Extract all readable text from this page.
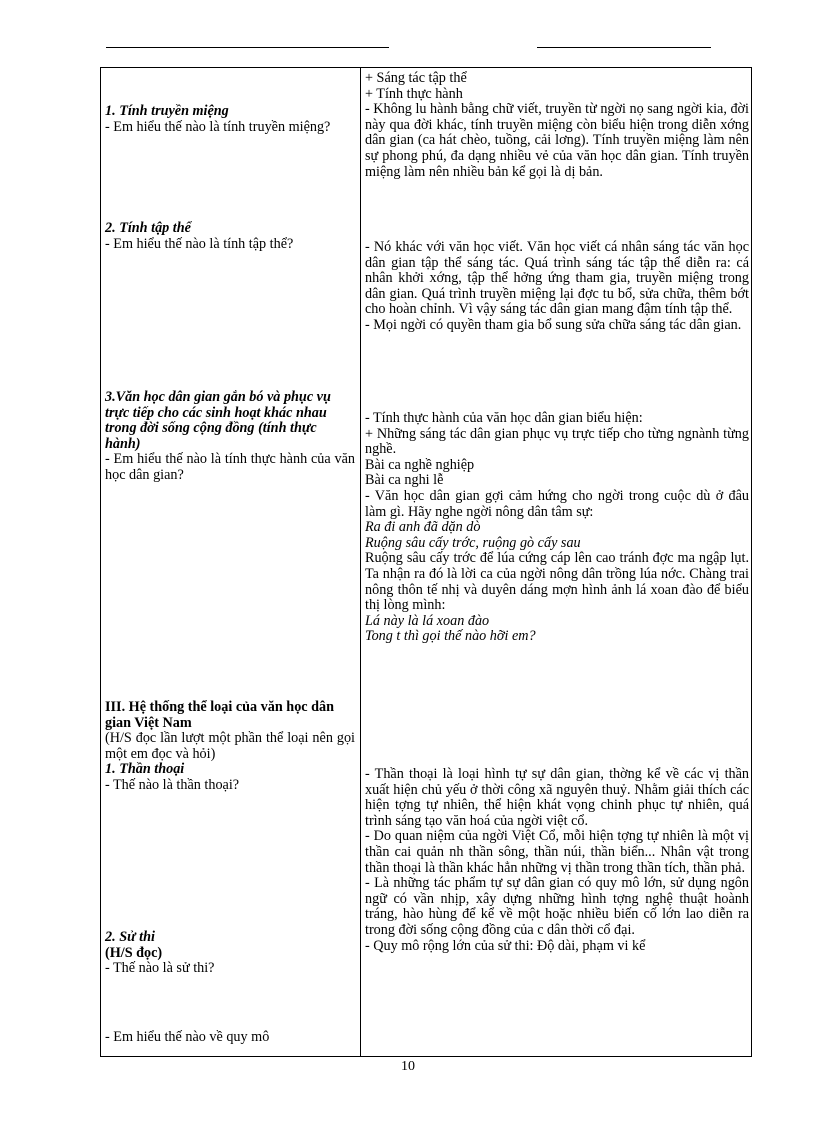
1. Tính truyền miệng

- Em hiểu thế nào là tính truyền miệng?

2. Tính tập thể

- Em hiểu thế nào là tính tập thể?

3.Văn học dân gian gắn bó và phục vụ trực tiếp cho các sinh hoạt khác nhau trong đời sống cộng đồng (tính thực hành)

- Em hiểu thế nào là tính thực hành của văn học dân gian?

III. Hệ thống thể loại của văn học dân gian Việt Nam

(H/S đọc lần lượt một phần thể loại nên gọi một em đọc và hỏi)

1. Thần thoại

- Thế nào là thần thoại?

2. Sử thi

(H/S đọc)

- Thế nào là sử thi?

- Em hiểu thế nào về quy mô

+ Sáng tác tập thể

+ Tính thực hành

- Không lu hành bằng chữ viết, truyền từ ngời nọ sang ngời kia, đời này qua đời khác, tính truyền miệng còn biểu hiện trong diễn xớng dân gian (ca hát chèo, tuồng, cải lơng). Tính truyền miệng làm nên sự phong phú, đa dạng nhiều vẻ của văn học dân gian. Tính truyền miệng làm nên nhiều bản kể gọi là dị bản.

- Nó khác với văn học viết. Văn học viết cá nhân sáng tác văn học dân gian tập thể sáng tác. Quá trình sáng tác tập thể diễn ra: cá nhân khởi xớng, tập thể hởng ứng tham gia, truyền miệng trong dân gian. Quá trình truyền miệng lại đợc tu bổ, sửa chữa, thêm bớt cho hoàn chỉnh. Vì vậy sáng tác dân gian mang đậm tính tập thể.

- Mọi ngời có quyền tham gia bổ sung sửa chữa sáng tác dân gian.

- Tính thực hành của văn học dân gian biểu hiện:

+ Những sáng tác dân gian phục vụ trực tiếp cho từng ngnành từng nghề.

Bài ca nghề nghiệp

Bài ca nghi lễ

- Văn học dân gian gợi cảm hứng cho ngời trong cuộc dù ở đâu làm gì. Hãy nghe ngời nông dân tâm sự:

Ra đi anh đã dặn dò

Ruộng sâu cấy trớc, ruộng gò cấy sau

Ruộng sâu cấy trớc để lúa cứng cáp lên cao tránh đợc ma ngập lụt. Ta nhận ra đó là lời ca của ngời nông dân trồng lúa nớc. Chàng trai nông thôn tế nhị và duyên dáng mợn hình ảnh lá xoan đào để biểu thị lòng mình:

Lá này là lá xoan đào

Tong t thì gọi thế nào hỡi em?

- Thần thoại là loại hình tự sự dân gian, thờng kể về các vị thần xuất hiện chủ yếu ở thời công xã nguyên thuỷ. Nhằm giải thích các hiện tợng tự nhiên, thể hiện khát vọng chinh phục tự nhiên, quá trình sáng tạo văn hoá của ngời việt cổ.

- Do quan niệm của ngời Việt Cổ, mỗi hiện tợng tự nhiên là một vị thần cai quản nh thần sông, thần núi, thần biển... Nhân vật trong thần thoại là thần khác hẳn những vị thần trong thần tích, thần phả.

- Là những tác phẩm tự sự dân gian có quy mô lớn, sử dụng ngôn ngữ có vần nhịp, xây dựng những hình tợng nghệ thuật hoành tráng, hào hùng để kể về một hoặc nhiều biến cố lớn lao diễn ra trong đời sống cộng đồng của c dân thời cổ đại.

- Quy mô rộng lớn của sử thi: Độ dài, phạm vi kể

10
